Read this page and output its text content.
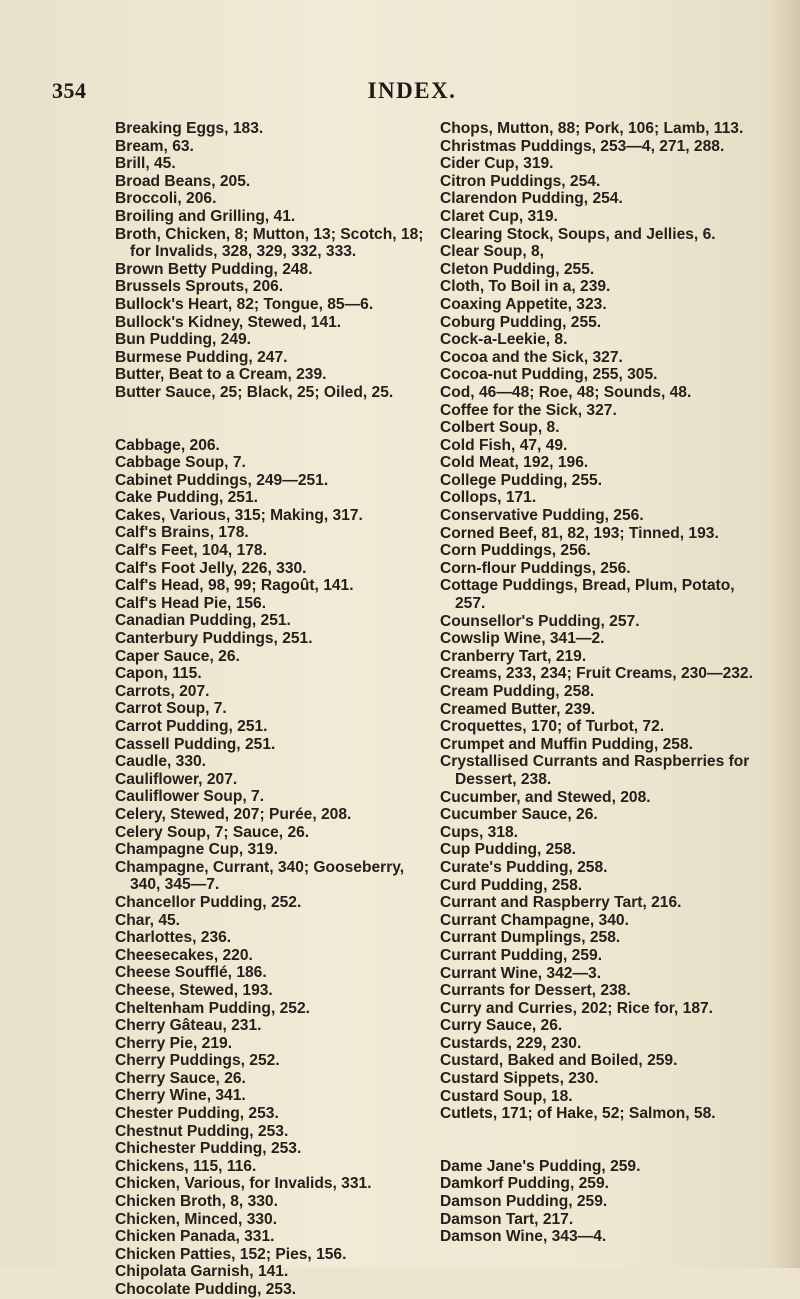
354	INDEX.

Breaking Eggs, 183.

Bream, 63.

Brill, 45.

Broad Beans, 205.

Broccoli, 206.

Broiling and Grilling, 41.

Broth, Chicken, 8; Mutton, 13; Scotch, 18; for Invalids, 328, 329, 332, 333.

Brown Betty Pudding, 248.

Brussels Sprouts, 206.

Bullock's Heart, 82; Tongue, 85—6.

Bullock's Kidney, Stewed, 141.

Bun Pudding, 249.

Burmese Pudding, 247.

Butter, Beat to a Cream, 239.

Butter Sauce, 25; Black, 25; Oiled, 25.

Cabbage, 206.

Cabbage Soup, 7.

Cabinet Puddings, 249—251.

Cake Pudding, 251.

Cakes, Various, 315; Making, 317.

Calf's Brains, 178.

Calf's Feet, 104, 178.

Calf's Foot Jelly, 226, 330.

Calf's Head, 98, 99; Ragoût, 141.

Calf's Head Pie, 156.

Canadian Pudding, 251.

Canterbury Puddings, 251.

Caper Sauce, 26.

Capon, 115.

Carrots, 207.

Carrot Soup, 7.

Carrot Pudding, 251.

Cassell Pudding, 251.

Caudle, 330.

Cauliflower, 207.

Cauliflower Soup, 7.

Celery, Stewed, 207; Purée, 208.

Celery Soup, 7; Sauce, 26.

Champagne Cup, 319.

Champagne, Currant, 340; Gooseberry, 340, 345—7.

Chancellor Pudding, 252.

Char, 45.

Charlottes, 236.

Cheesecakes, 220.

Cheese Soufflé, 186.

Cheese, Stewed, 193.

Cheltenham Pudding, 252.

Cherry Gâteau, 231.

Cherry Pie, 219.

Cherry Puddings, 252.

Cherry Sauce, 26.

Cherry Wine, 341.

Chester Pudding, 253.

Chestnut Pudding, 253.

Chichester Pudding, 253.

Chickens, 115, 116.

Chicken, Various, for Invalids, 331.

Chicken Broth, 8, 330.

Chicken, Minced, 330.

Chicken Panada, 331.

Chicken Patties, 152; Pies, 156.

Chipolata Garnish, 141.

Chocolate Pudding, 253.

Chops, Mutton, 88; Pork, 106; Lamb, 113.

Christmas Puddings, 253—4, 271, 288.

Cider Cup, 319.

Citron Puddings, 254.

Clarendon Pudding, 254.

Claret Cup, 319.

Clearing Stock, Soups, and Jellies, 6.

Clear Soup, 8,

Cleton Pudding, 255.

Cloth, To Boil in a, 239.

Coaxing Appetite, 323.

Coburg Pudding, 255.

Cock-a-Leekie, 8.

Cocoa and the Sick, 327.

Cocoa-nut Pudding, 255, 305.

Cod, 46—48; Roe, 48; Sounds, 48.

Coffee for the Sick, 327.

Colbert Soup, 8.

Cold Fish, 47, 49.

Cold Meat, 192, 196.

College Pudding, 255.

Collops, 171.

Conservative Pudding, 256.

Corned Beef, 81, 82, 193; Tinned, 193.

Corn Puddings, 256.

Corn-flour Puddings, 256.

Cottage Puddings, Bread, Plum, Potato, 257.

Counsellor's Pudding, 257.

Cowslip Wine, 341—2.

Cranberry Tart, 219.

Creams, 233, 234; Fruit Creams, 230—232.

Cream Pudding, 258.

Creamed Butter, 239.

Croquettes, 170; of Turbot, 72.

Crumpet and Muffin Pudding, 258.

Crystallised Currants and Raspberries for Dessert, 238.

Cucumber, and Stewed, 208.

Cucumber Sauce, 26.

Cups, 318.

Cup Pudding, 258.

Curate's Pudding, 258.

Curd Pudding, 258.

Currant and Raspberry Tart, 216.

Currant Champagne, 340.

Currant Dumplings, 258.

Currant Pudding, 259.

Currant Wine, 342—3.

Currants for Dessert, 238.

Curry and Curries, 202; Rice for, 187.

Curry Sauce, 26.

Custards, 229, 230.

Custard, Baked and Boiled, 259.

Custard Sippets, 230.

Custard Soup, 18.

Cutlets, 171; of Hake, 52; Salmon, 58.

Dame Jane's Pudding, 259.

Damkorf Pudding, 259.

Damson Pudding, 259.

Damson Tart, 217.

Damson Wine, 343—4.
